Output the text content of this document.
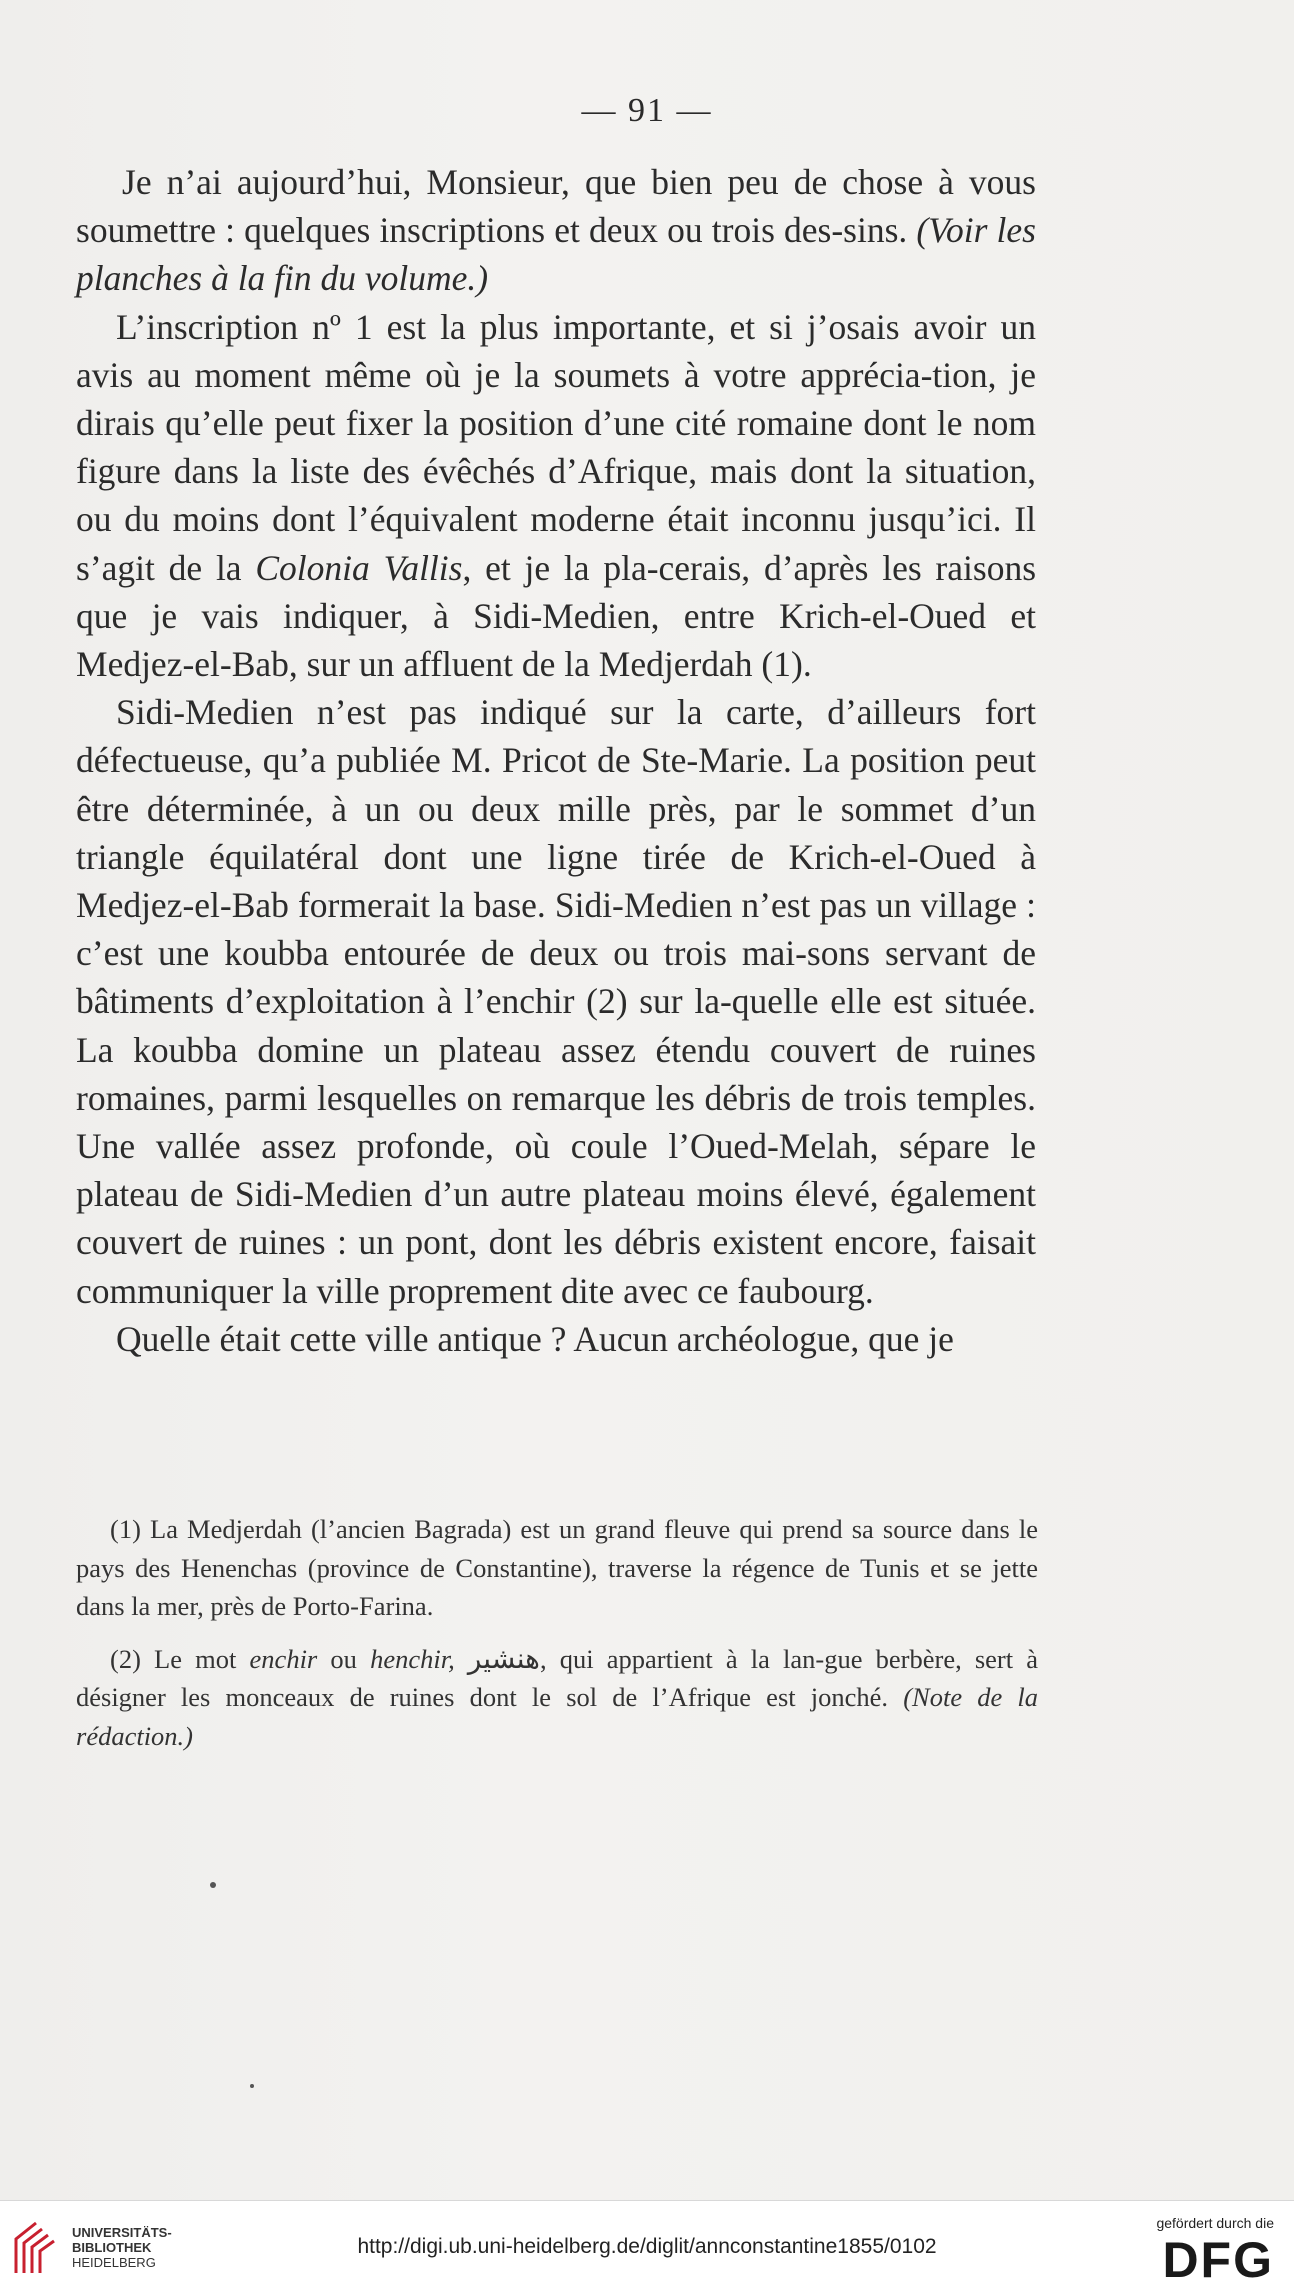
— 91 —

Je n’ai aujourd’hui, Monsieur, que bien peu de chose à vous soumettre : quelques inscriptions et deux ou trois des-sins. (Voir les planches à la fin du volume.)

L’inscription nº 1 est la plus importante, et si j’osais avoir un avis au moment même où je la soumets à votre apprécia-tion, je dirais qu’elle peut fixer la position d’une cité romaine dont le nom figure dans la liste des évêchés d’Afrique, mais dont la situation, ou du moins dont l’équivalent moderne était inconnu jusqu’ici. Il s’agit de la Colonia Vallis, et je la pla-cerais, d’après les raisons que je vais indiquer, à Sidi-Medien, entre Krich-el-Oued et Medjez-el-Bab, sur un affluent de la Medjerdah (1).

Sidi-Medien n’est pas indiqué sur la carte, d’ailleurs fort défectueuse, qu’a publiée M. Pricot de Ste-Marie. La position peut être déterminée, à un ou deux mille près, par le sommet d’un triangle équilatéral dont une ligne tirée de Krich-el-Oued à Medjez-el-Bab formerait la base. Sidi-Medien n’est pas un village : c’est une koubba entourée de deux ou trois mai-sons servant de bâtiments d’exploitation à l’enchir (2) sur la-quelle elle est située. La koubba domine un plateau assez étendu couvert de ruines romaines, parmi lesquelles on remarque les débris de trois temples. Une vallée assez profonde, où coule l’Oued-Melah, sépare le plateau de Sidi-Medien d’un autre plateau moins élevé, également couvert de ruines : un pont, dont les débris existent encore, faisait communiquer la ville proprement dite avec ce faubourg.

Quelle était cette ville antique ? Aucun archéologue, que je

(1) La Medjerdah (l’ancien Bagrada) est un grand fleuve qui prend sa source dans le pays des Henenchas (province de Constantine), traverse la régence de Tunis et se jette dans la mer, près de Porto-Farina.

(2) Le mot enchir ou henchir, هنشير, qui appartient à la lan-gue berbère, sert à désigner les monceaux de ruines dont le sol de l’Afrique est jonché. (Note de la rédaction.)

UNIVERSITÄTS-
BIBLIOTHEK
HEIDELBERG
http://digi.ub.uni-heidelberg.de/diglit/annconstantine1855/0102
gefördert durch die
DFG
